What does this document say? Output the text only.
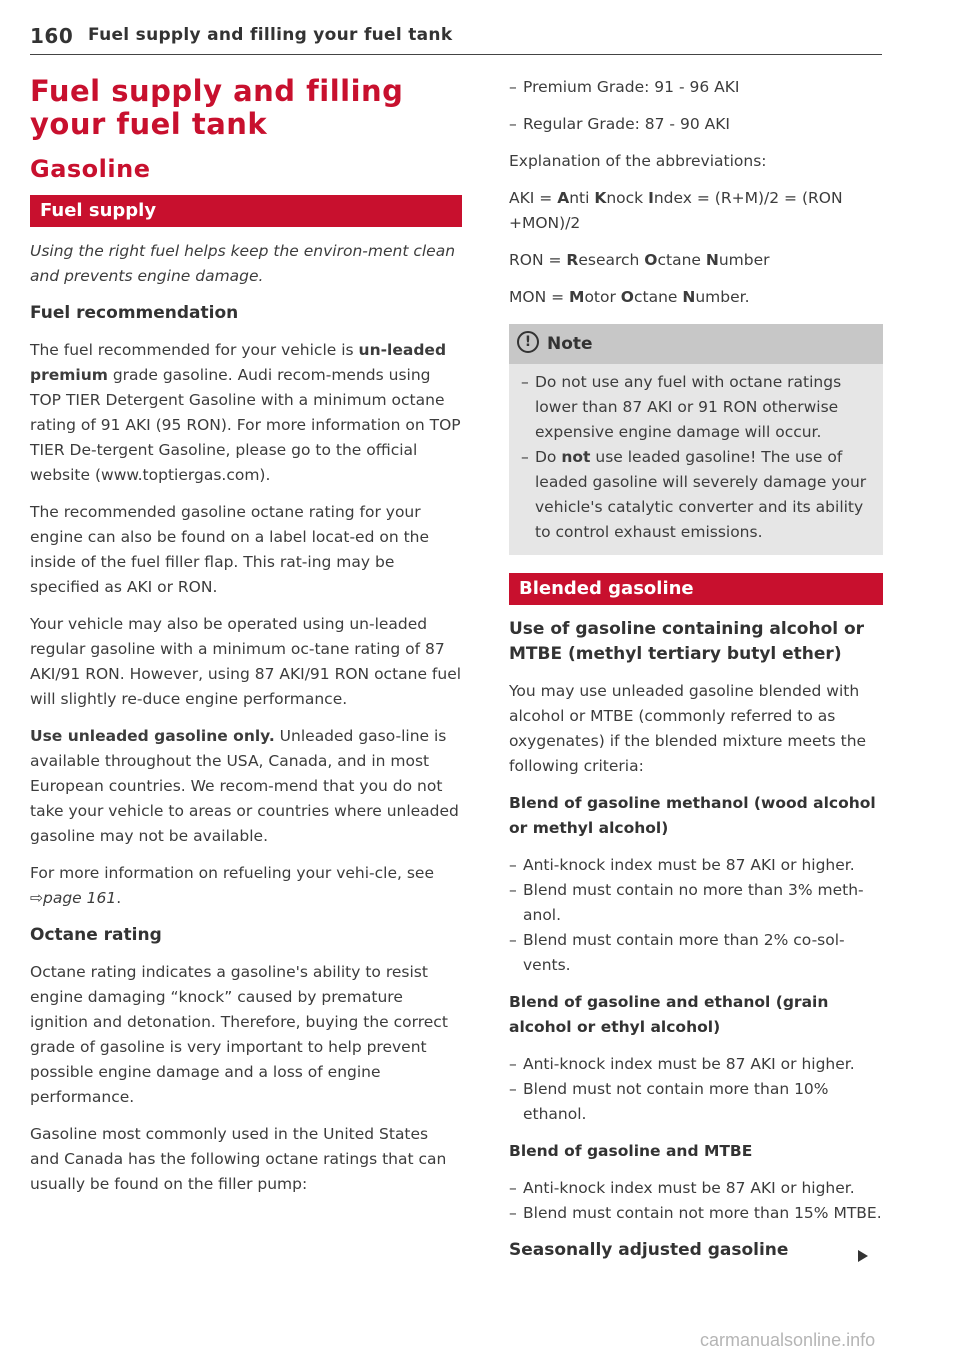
160 Fuel supply and filling your fuel tank
Fuel supply and filling your fuel tank
Gasoline
Fuel supply

Using the right fuel helps keep the environ-ment clean and prevents engine damage.

Fuel recommendation

The fuel recommended for your vehicle is un-leaded premium grade gasoline. Audi recom-mends using TOP TIER Detergent Gasoline with a minimum octane rating of 91 AKI (95 RON). For more information on TOP TIER De-tergent Gasoline, please go to the official website (www.toptiergas.com).

The recommended gasoline octane rating for your engine can also be found on a label locat-ed on the inside of the fuel filler flap. This rat-ing may be specified as AKI or RON.

Your vehicle may also be operated using un-leaded regular gasoline with a minimum oc-tane rating of 87 AKI/91 RON. However, using 87 AKI/91 RON octane fuel will slightly re-duce engine performance.

Use unleaded gasoline only. Unleaded gaso-line is available throughout the USA, Canada, and in most European countries. We recom-mend that you do not take your vehicle to areas or countries where unleaded gasoline may not be available.

For more information on refueling your vehi-cle, see ⇨page 161.

Octane rating

Octane rating indicates a gasoline's ability to resist engine damaging “knock” caused by premature ignition and detonation. Therefore, buying the correct grade of gasoline is very important to help prevent possible engine damage and a loss of engine performance.

Gasoline most commonly used in the United States and Canada has the following octane ratings that can usually be found on the filler pump:

– Premium Grade: 91 - 96 AKI
– Regular Grade: 87 - 90 AKI

Explanation of the abbreviations:

AKI = Anti Knock Index = (R+M)/2 = (RON +MON)/2

RON = Research Octane Number

MON = Motor Octane Number.

! Note
– Do not use any fuel with octane ratings lower than 87 AKI or 91 RON otherwise expensive engine damage will occur.
– Do not use leaded gasoline! The use of leaded gasoline will severely damage your vehicle's catalytic converter and its ability to control exhaust emissions.
Blended gasoline

Use of gasoline containing alcohol or MTBE (methyl tertiary butyl ether)

You may use unleaded gasoline blended with alcohol or MTBE (commonly referred to as oxygenates) if the blended mixture meets the following criteria:

Blend of gasoline methanol (wood alcohol or methyl alcohol)

– Anti-knock index must be 87 AKI or higher.
– Blend must contain no more than 3% meth-anol.
– Blend must contain more than 2% co-sol-vents.

Blend of gasoline and ethanol (grain alcohol or ethyl alcohol)

– Anti-knock index must be 87 AKI or higher.
– Blend must not contain more than 10% ethanol.

Blend of gasoline and MTBE

– Anti-knock index must be 87 AKI or higher.
– Blend must contain not more than 15% MTBE.

Seasonally adjusted gasoline

carmanualsonline.info
